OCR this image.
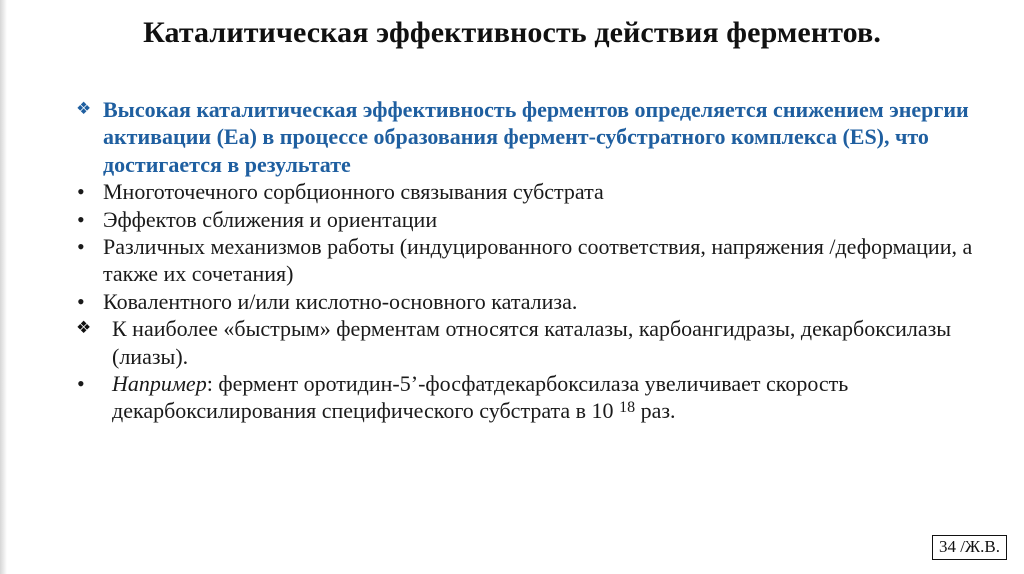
Каталитическая эффективность действия ферментов.
❖ Высокая каталитическая эффективность ферментов определяется снижением энергии активации (Ea) в процессе образования фермент-субстратного комплекса (ES), что достигается в результате
• Многоточечного сорбционного связывания субстрата
• Эффектов сближения и ориентации
• Различных механизмов работы (индуцированного соответствия, напряжения /деформации, а также их сочетания)
• Ковалентного и/или кислотно-основного катализа.
❖ К наиболее «быстрым» ферментам относятся каталазы, карбоангидразы, декарбоксилазы (лиазы).
•	Например: фермент оротидин-5’-фосфатдекарбоксилаза увеличивает скорость декарбоксилирования специфического субстрата в 10 $^{18}$ раз.
34 /Ж.В.
